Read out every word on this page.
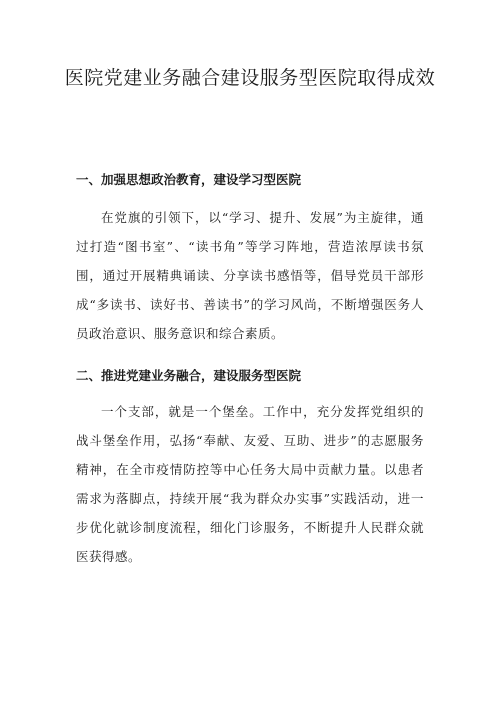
医院党建业务融合建设服务型医院取得成效
一、加强思想政治教育，建设学习型医院

在党旗的引领下，以“学习、提升、发展”为主旋律，通过打造“图书室”、“读书角”等学习阵地，营造浓厚读书氛围，通过开展精典诵读、分享读书感悟等，倡导党员干部形成“多读书、读好书、善读书”的学习风尚，不断增强医务人员政治意识、服务意识和综合素质。

二、推进党建业务融合，建设服务型医院

一个支部，就是一个堡垒。工作中，充分发挥党组织的战斗堡垒作用，弘扬“奉献、友爱、互助、进步”的志愿服务精神，在全市疫情防控等中心任务大局中贡献力量。以患者需求为落脚点，持续开展“我为群众办实事”实践活动，进一步优化就诊制度流程，细化门诊服务，不断提升人民群众就医获得感。
